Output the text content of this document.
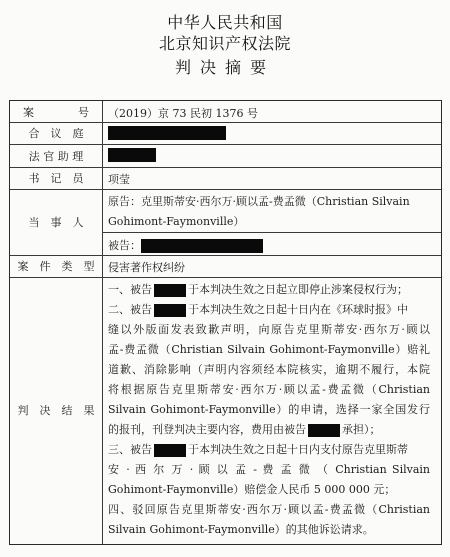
中华人民共和国
北京知识产权法院
判决摘要
案　　　　号	（2019）京 73 民初 1376 号
合　议　庭
法 官 助 理
书　记　员	项莹
当　事　人
原告：克里斯蒂安·西尔万·顾以孟-费孟微（Christian Silvain
Gohimont-Faymonville）
被告：
案　件　类　型	侵害著作权纠纷
判　决　结　果
一、被告	于本判决生效之日起立即停止涉案侵权行为；
二、被告	于本判决生效之日起十日内在《环球时报》中
缝以外版面发表致歉声明，向原告克里斯蒂安·西尔万·顾以
孟-费孟微（Christian Silvain Gohimont-Faymonville）赔礼
道歉、消除影响（声明内容须经本院核实，逾期不履行，本院
将根据原告克里斯蒂安·西尔万·顾以孟-费孟微（Christian
Silvain Gohimont-Faymonville）的申请，选择一家全国发行
的报刊，刊登判决主要内容，费用由被告	承担）；
三、被告	于本判决生效之日起十日内支付原告克里斯蒂
安 · 西 尔 万 · 顾 以 孟 - 费 孟 微 （ Christian Silvain
Gohimont-Faymonville）赔偿金人民币 5 000 000 元；
四、驳回原告克里斯蒂安·西尔万·顾以孟-费孟微（Christian
Silvain Gohimont-Faymonville）的其他诉讼请求。
